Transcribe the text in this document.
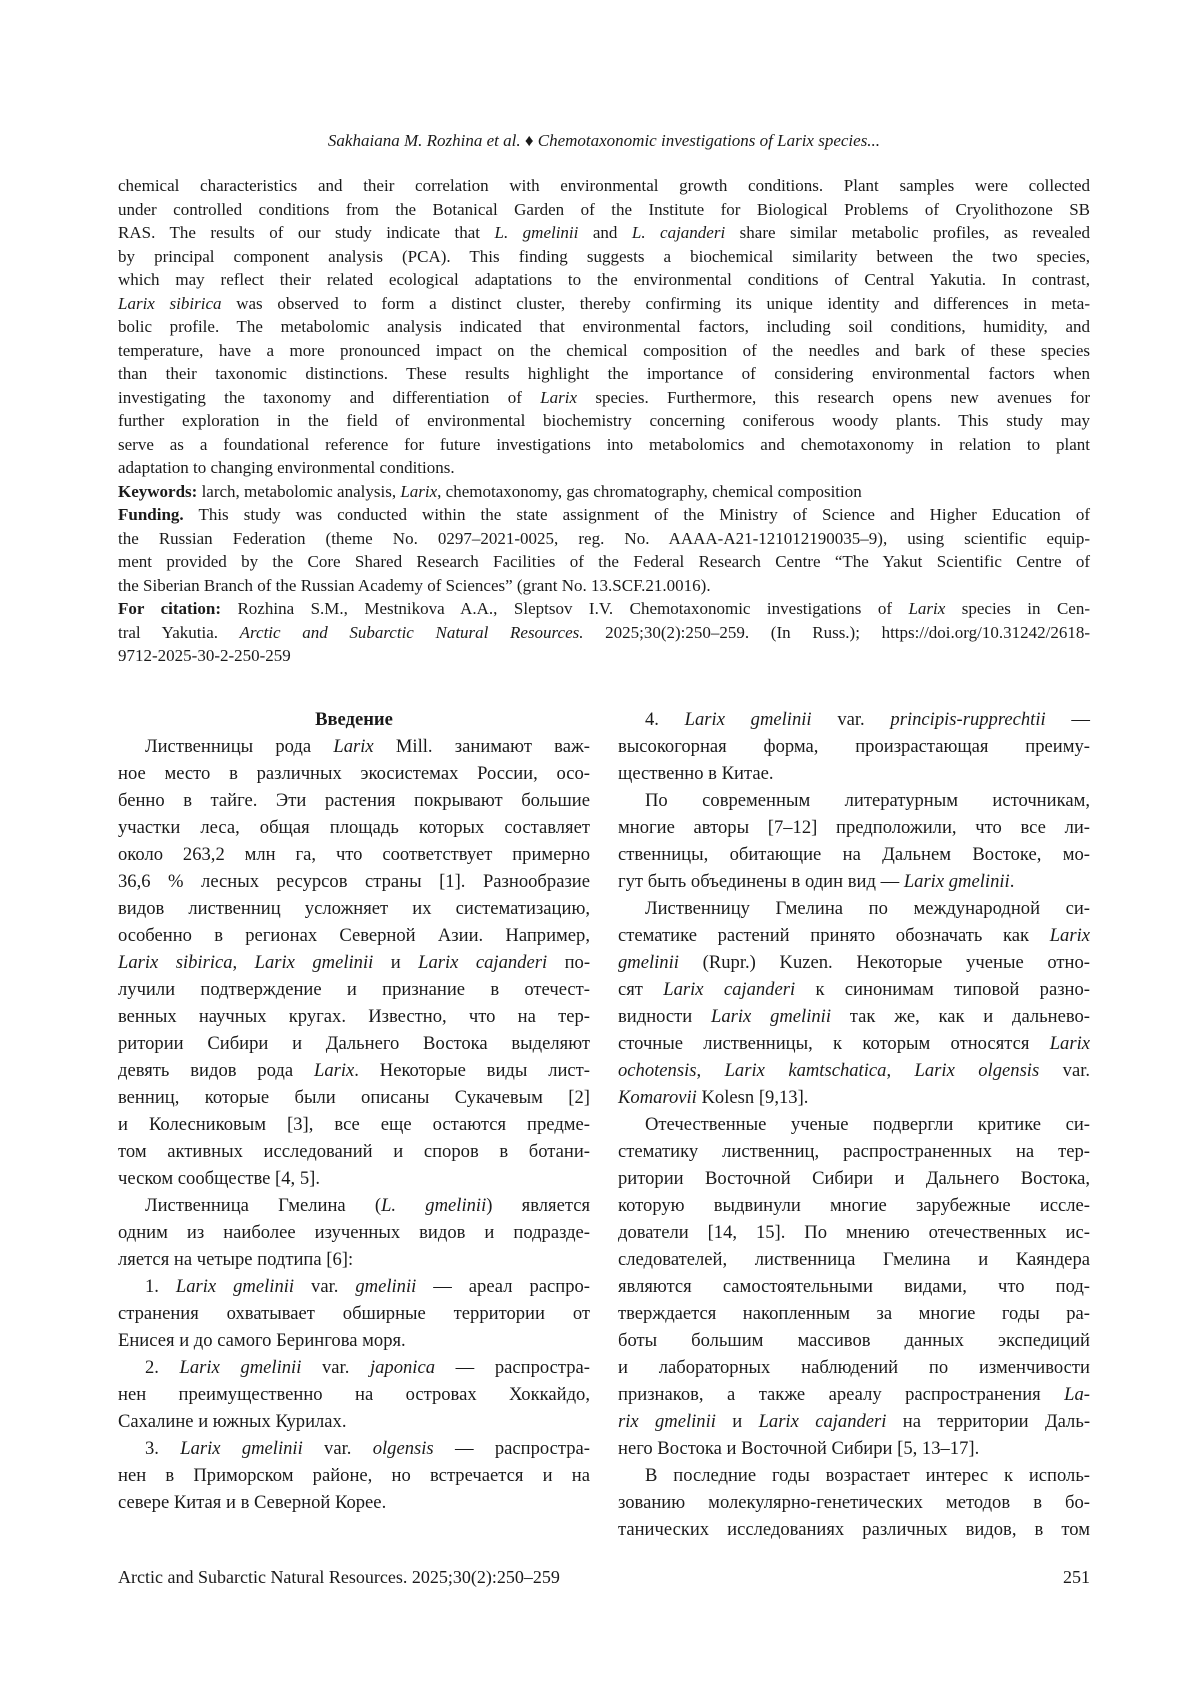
Sakhaiana M. Rozhina et al. ♦ Chemotaxonomic investigations of Larix species...
chemical characteristics and their correlation with environmental growth conditions. Plant samples were collected
under controlled conditions from the Botanical Garden of the Institute for Biological Problems of Cryolithozone SB
RAS. The results of our study indicate that L. gmelinii and L. cajanderi share similar metabolic profiles, as revealed
by principal component analysis (PCA). This finding suggests a biochemical similarity between the two species,
which may reflect their related ecological adaptations to the environmental conditions of Central Yakutia. In contrast,
Larix sibirica was observed to form a distinct cluster, thereby confirming its unique identity and differences in meta-
bolic profile. The metabolomic analysis indicated that environmental factors, including soil conditions, humidity, and
temperature, have a more pronounced impact on the chemical composition of the needles and bark of these species
than their taxonomic distinctions. These results highlight the importance of considering environmental factors when
investigating the taxonomy and differentiation of Larix species. Furthermore, this research opens new avenues for
further exploration in the field of environmental biochemistry concerning coniferous woody plants. This study may
serve as a foundational reference for future investigations into metabolomics and chemotaxonomy in relation to plant
adaptation to changing environmental conditions.
Keywords: larch, metabolomic analysis, Larix, chemotaxonomy, gas chromatography, chemical composition
Funding. This study was conducted within the state assignment of the Ministry of Science and Higher Education of
the Russian Federation (theme No. 0297–2021-0025, reg. No. AAAA-A21-121012190035–9), using scientific equip-
ment provided by the Core Shared Research Facilities of the Federal Research Centre “The Yakut Scientific Centre of
the Siberian Branch of the Russian Academy of Sciences” (grant No. 13.SCF.21.0016).
For citation: Rozhina S.M., Mestnikova A.A., Sleptsov I.V. Chemotaxonomic investigations of Larix species in Cen-
tral Yakutia. Arctic and Subarctic Natural Resources. 2025;30(2):250–259. (In Russ.); https://doi.org/10.31242/2618-
9712-2025-30-2-250-259
Введение
Лиственницы рода Larix Mill. занимают важ-
ное место в различных экосистемах России, осо-
бенно в тайге. Эти растения покрывают большие
участки леса, общая площадь которых составляет
около 263,2 млн га, что соответствует примерно
36,6 % лесных ресурсов страны [1]. Разнообразие
видов лиственниц усложняет их систематизацию,
особенно в регионах Северной Азии. Например,
Larix sibirica, Larix gmelinii и Larix cajanderi по-
лучили подтверждение и признание в отечест-
венных научных кругах. Известно, что на тер-
ритории Сибири и Дальнего Востока выделяют
девять видов рода Larix. Некоторые виды лист-
венниц, которые были описаны Сукачевым [2]
и Колесниковым [3], все еще остаются предме-
том активных исследований и споров в ботани-
ческом сообществе [4, 5].
Лиственница Гмелина (L. gmelinii) является
одним из наиболее изученных видов и подразде-
ляется на четыре подтипа [6]:
1. Larix gmelinii var. gmelinii — ареал распро-
странения охватывает обширные территории от
Енисея и до самого Берингова моря.
2. Larix gmelinii var. japonica — распростра-
нен преимущественно на островах Хоккайдо,
Сахалине и южных Курилах.
3. Larix gmelinii var. olgensis — распростра-
нен в Приморском районе, но встречается и на
севере Китая и в Северной Корее.
4. Larix gmelinii var. principis-rupprechtii —
высокогорная форма, произрастающая преиму-
щественно в Китае.
По современным литературным источникам,
многие авторы [7–12] предположили, что все ли-
ственницы, обитающие на Дальнем Востоке, мо-
гут быть объединены в один вид — Larix gmelinii.
Лиственницу Гмелина по международной си-
стематике растений принято обозначать как Larix
gmelinii (Rupr.) Kuzen. Некоторые ученые отно-
сят Larix cajanderi к синонимам типовой разно-
видности Larix gmelinii так же, как и дальнево-
сточные лиственницы, к которым относятся Larix
ochotensis, Larix kamtschatica, Larix olgensis var.
Komarovii Kolesn [9,13].
Отечественные ученые подвергли критике си-
стематику лиственниц, распространенных на тер-
ритории Восточной Сибири и Дальнего Востока,
которую выдвинули многие зарубежные иссле-
дователи [14, 15]. По мнению отечественных ис-
следователей, лиственница Гмелина и Каяндера
являются самостоятельными видами, что под-
тверждается накопленным за многие годы ра-
боты большим массивов данных экспедиций
и лабораторных наблюдений по изменчивости
признаков, а также ареалу распространения La-
rix gmelinii и Larix cajanderi на территории Даль-
него Востока и Восточной Сибири [5, 13–17].
В последние годы возрастает интерес к исполь-
зованию молекулярно-генетических методов в бо-
танических исследованиях различных видов, в том
Arctic and Subarctic Natural Resources. 2025;30(2):250–259	251
